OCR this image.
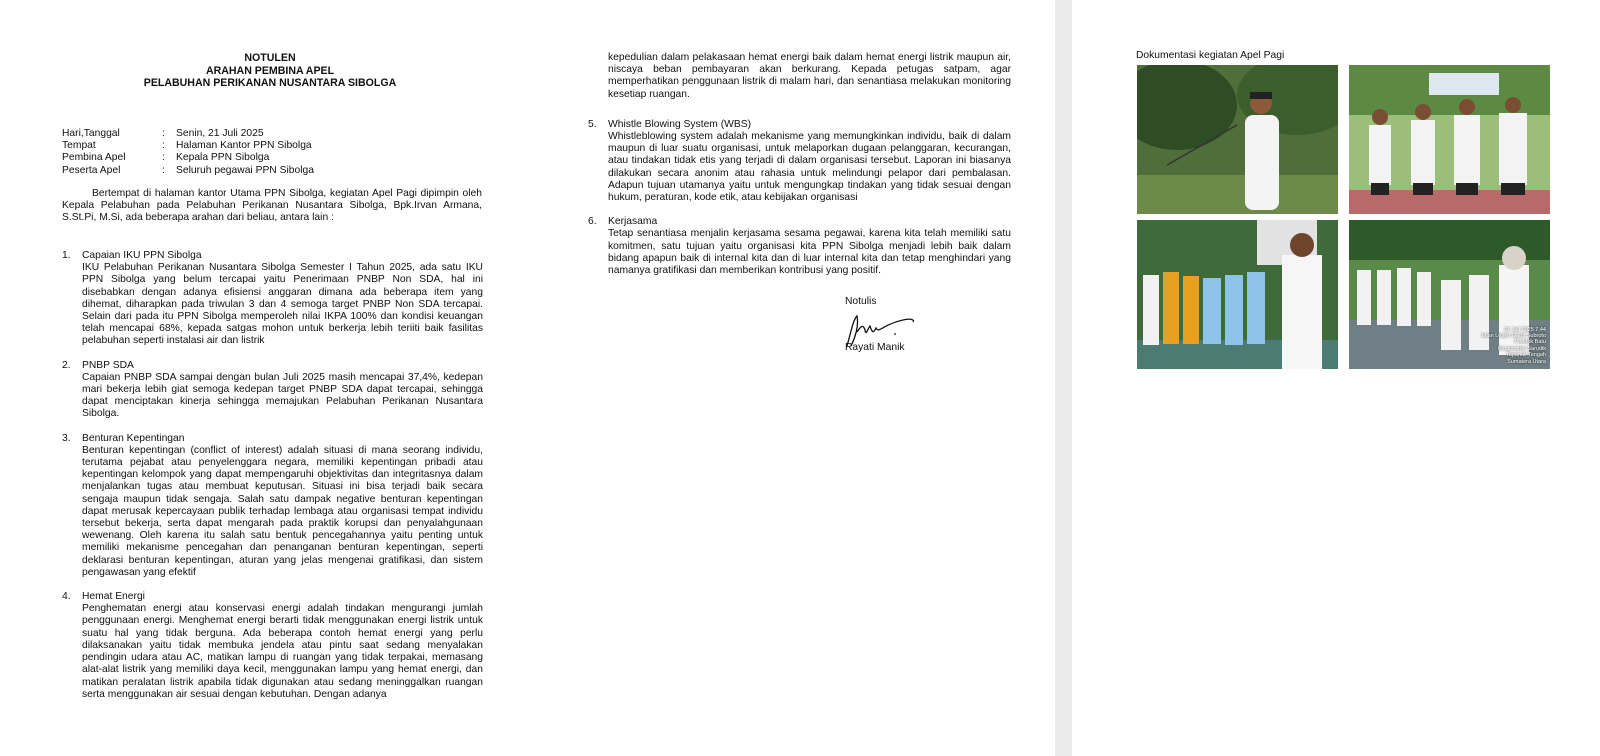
NOTULEN
ARAHAN PEMBINA APEL
PELABUHAN PERIKANAN NUSANTARA SIBOLGA
Hari,Tanggal	:	Senin, 21 Juli 2025
Tempat	:	Halaman Kantor PPN Sibolga
Pembina Apel	:	Kepala PPN Sibolga
Peserta Apel	:	Seluruh pegawai PPN Sibolga

Bertempat di halaman kantor Utama PPN Sibolga, kegiatan Apel Pagi dipimpin oleh Kepala Pelabuhan pada Pelabuhan Perikanan Nusantara Sibolga, Bpk.Irvan Armana, S.St.Pi, M.Si, ada beberapa arahan dari beliau, antara lain :

1.	Capaian IKU PPN Sibolga
IKU Pelabuhan Perikanan Nusantara Sibolga Semester I Tahun 2025, ada satu IKU PPN Sibolga yang belum tercapai yaitu Penerimaan PNBP Non SDA, hal ini disebabkan dengan adanya efisiensi anggaran dimana ada beberapa item yang dihemat, diharapkan pada triwulan 3 dan 4 semoga target PNBP Non SDA tercapai. Selain dari pada itu PPN Sibolga memperoleh nilai IKPA 100% dan kondisi keuangan telah mencapai 68%, kepada satgas mohon untuk berkerja lebih teriiti baik fasilitas pelabuhan seperti instalasi air dan listrik
2.	PNBP SDA
Capaian PNBP SDA sampai dengan bulan Juli 2025 masih mencapai 37,4%, kedepan mari bekerja lebih giat semoga kedepan target PNBP SDA dapat tercapai, sehingga dapat menciptakan kinerja sehingga memajukan Pelabuhan Perikanan Nusantara Sibolga.
3.	Benturan Kepentingan
Benturan kepentingan (conflict of interest) adalah situasi di mana seorang individu, terutama pejabat atau penyelenggara negara, memiliki kepentingan pribadi atau kepentingan kelompok yang dapat mempengaruhi objektivitas dan integritasnya dalam menjalankan tugas atau membuat keputusan. Situasi ini bisa terjadi baik secara sengaja maupun tidak sengaja. Salah satu dampak negative benturan kepentingan dapat merusak kepercayaan publik terhadap lembaga atau organisasi tempat individu tersebut bekerja, serta dapat mengarah pada praktik korupsi dan penyalahgunaan wewenang. Oleh karena itu salah satu bentuk pencegahannya yaitu penting untuk memiliki mekanisme pencegahan dan penanganan benturan kepentingan, seperti deklarasi benturan kepentingan, aturan yang jelas mengenai gratifikasi, dan sistem pengawasan yang efektif
4.	Hemat Energi
Penghematan energi atau konservasi energi adalah tindakan mengurangi jumlah penggunaan energi. Menghemat energi berarti tidak menggunakan energi listrik untuk suatu hal yang tidak berguna. Ada beberapa contoh hemat energi yang perlu dilaksanakan yaitu tidak membuka jendela atau pintu saat sedang menyalakan pendingin udara atau AC, matikan lampu di ruangan yang tidak terpakai, memasang alat-alat listrik yang memiliki daya kecil, menggunakan lampu yang hemat energi, dan matikan peralatan listrik apabila tidak digunakan atau sedang meninggalkan ruangan serta menggunakan air sesuai dengan kebutuhan. Dengan adanya

kepedulian dalam pelakasaan hemat energi baik dalam hemat energi listrik maupun air, niscaya beban pembayaran akan berkurang. Kepada petugas satpam, agar memperhatikan penggunaan listrik di malam hari, dan senantiasa melakukan monitoring kesetiap ruangan.

5.	Whistle Blowing System (WBS)
Whistleblowing system adalah mekanisme yang memungkinkan individu, baik di dalam maupun di luar suatu organisasi, untuk melaporkan dugaan pelanggaran, kecurangan, atau tindakan tidak etis yang terjadi di dalam organisasi tersebut. Laporan ini biasanya dilakukan secara anonim atau rahasia untuk melindungi pelapor dari pembalasan. Adapun tujuan utamanya yaitu untuk mengungkap tindakan yang tidak sesuai dengan hukum, peraturan, kode etik, atau kebijakan organisasi
6.	Kerjasama
Tetap senantiasa menjalin kerjasama sesama pegawai, karena kita telah memiliki satu komitmen, satu tujuan yaitu organisasi kita PPN Sibolga menjadi lebih baik dalam bidang apapun baik di internal kita dan di luar internal kita dan tetap menghindari yang namanya gratifikasi dan memberikan kontribusi yang positif.
Notulis
Rayati Manik
Dokumentasi kegiatan Apel Pagi
21 Juli 2025 7.44
Jalan Letjen Gatot Subroto
Pondok Batu
Kecamatan Sarudik
Tapanuli Tengah
Sumatera Utara
